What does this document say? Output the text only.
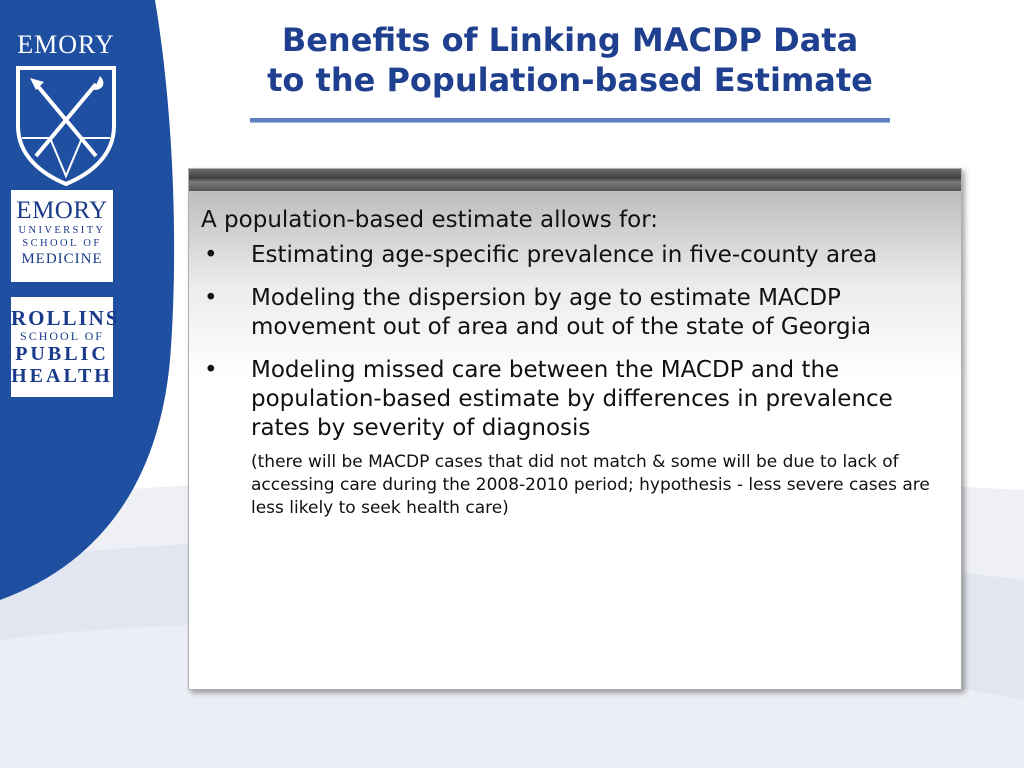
EMORY
EMORY
UNIVERSITY
SCHOOL OF
MEDICINE
ROLLINS
SCHOOL OF
PUBLIC
HEALTH
Benefits of Linking MACDP Data
to the Population-based Estimate
A population-based estimate allows for:
• Estimating age-specific prevalence in five-county area
• Modeling the dispersion by age to estimate MACDP movement out of area and out of the state of Georgia
• Modeling missed care between the MACDP and the population-based estimate by differences in prevalence rates by severity of diagnosis
(there will be MACDP cases that did not match & some will be due to lack of accessing care during the 2008-2010 period; hypothesis - less severe cases are less likely to seek health care)
